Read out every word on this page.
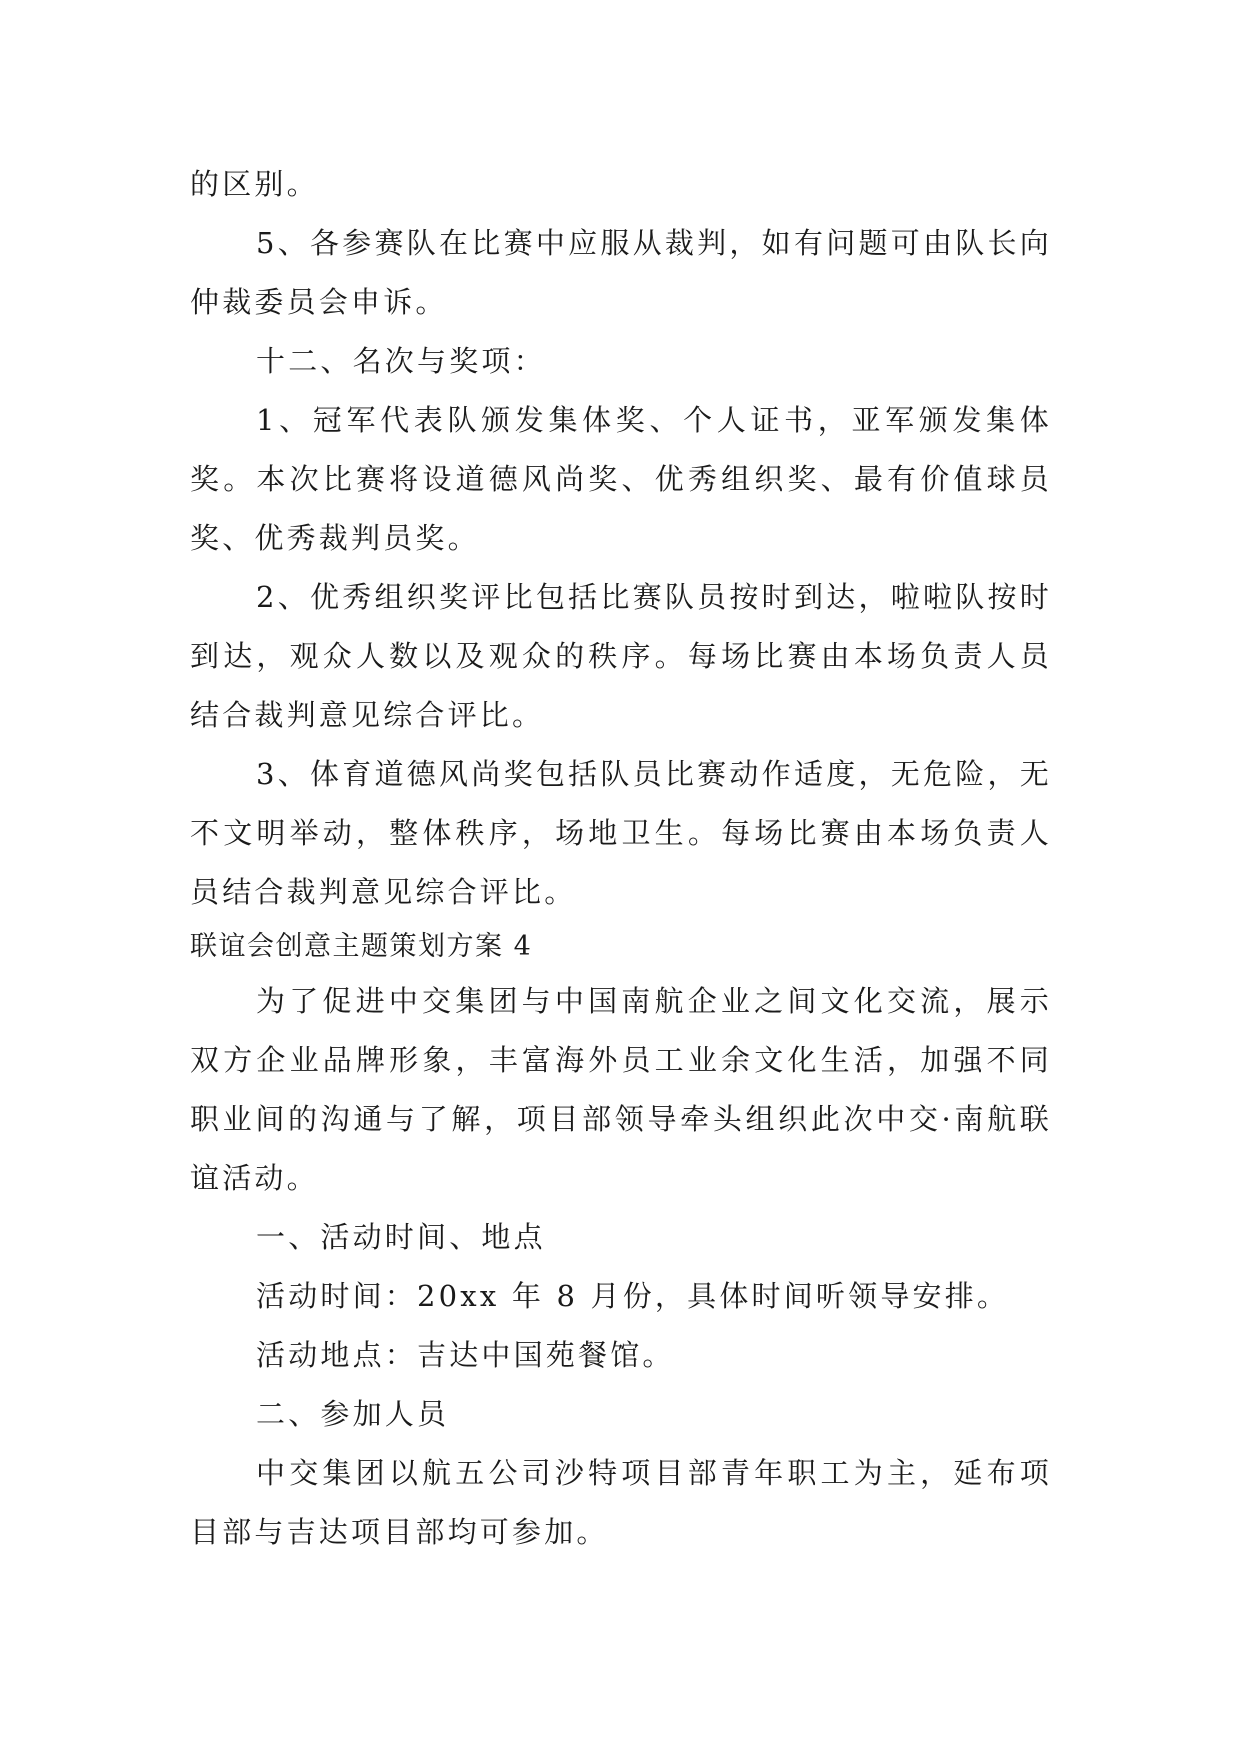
的区别。

5、各参赛队在比赛中应服从裁判，如有问题可由队长向仲裁委员会申诉。

十二、名次与奖项：

1、冠军代表队颁发集体奖、个人证书，亚军颁发集体奖。本次比赛将设道德风尚奖、优秀组织奖、最有价值球员奖、优秀裁判员奖。

2、优秀组织奖评比包括比赛队员按时到达，啦啦队按时到达，观众人数以及观众的秩序。每场比赛由本场负责人员结合裁判意见综合评比。

3、体育道德风尚奖包括队员比赛动作适度，无危险，无不文明举动，整体秩序，场地卫生。每场比赛由本场负责人员结合裁判意见综合评比。

联谊会创意主题策划方案 4

为了促进中交集团与中国南航企业之间文化交流，展示双方企业品牌形象，丰富海外员工业余文化生活，加强不同职业间的沟通与了解，项目部领导牵头组织此次中交·南航联谊活动。

一、活动时间、地点

活动时间：20xx 年 8 月份，具体时间听领导安排。

活动地点：吉达中国苑餐馆。

二、参加人员

中交集团以航五公司沙特项目部青年职工为主，延布项目部与吉达项目部均可参加。
